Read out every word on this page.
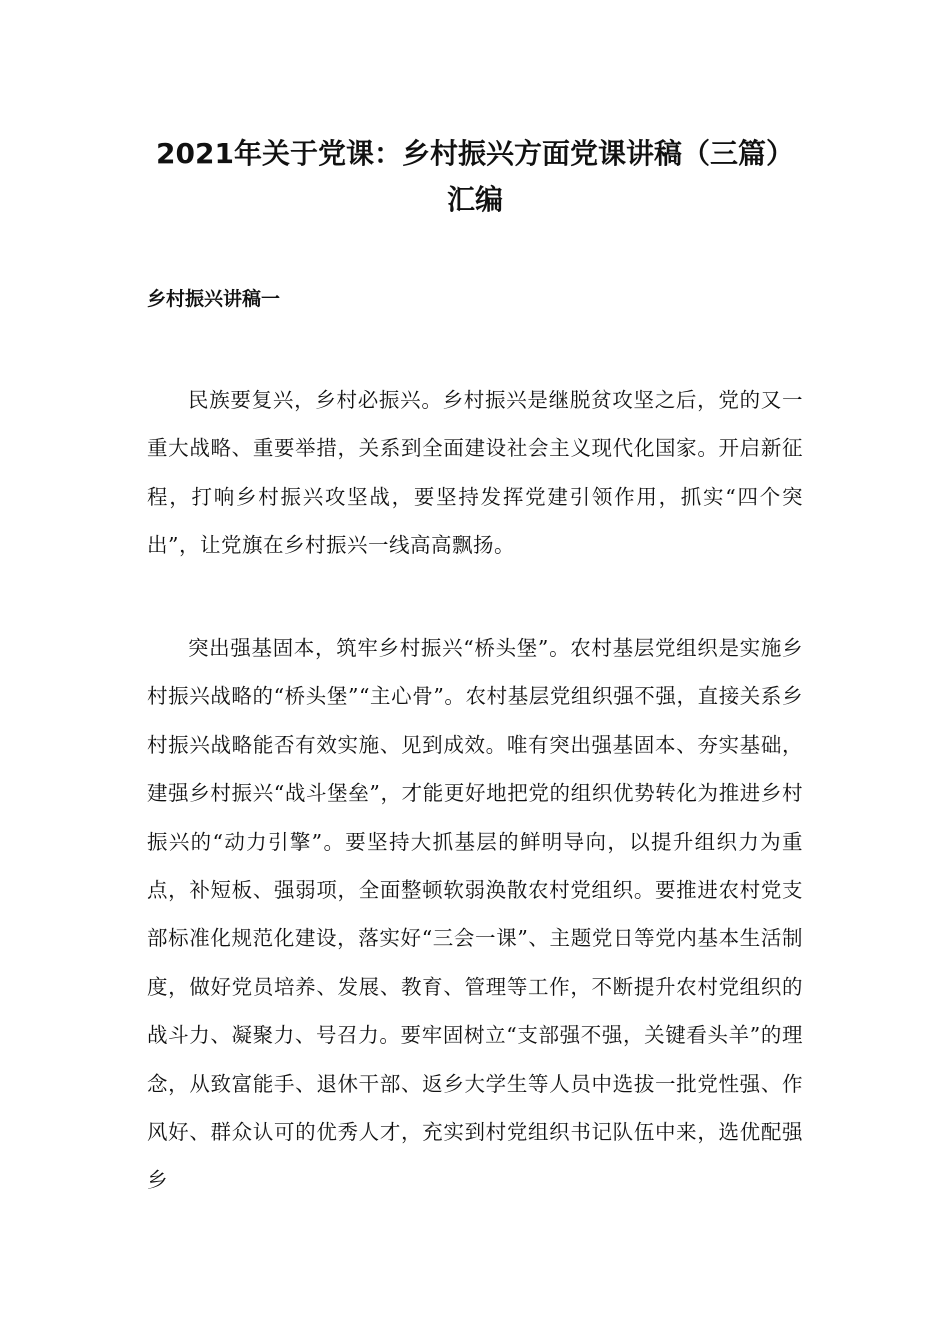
2021年关于党课：乡村振兴方面党课讲稿（三篇）
汇编
乡村振兴讲稿一

民族要复兴，乡村必振兴。乡村振兴是继脱贫攻坚之后，党的又一重大战略、重要举措，关系到全面建设社会主义现代化国家。开启新征程，打响乡村振兴攻坚战，要坚持发挥党建引领作用，抓实“四个突出”，让党旗在乡村振兴一线高高飘扬。

突出强基固本，筑牢乡村振兴“桥头堡”。农村基层党组织是实施乡村振兴战略的“桥头堡”“主心骨”。农村基层党组织强不强，直接关系乡村振兴战略能否有效实施、见到成效。唯有突出强基固本、夯实基础，建强乡村振兴“战斗堡垒”，才能更好地把党的组织优势转化为推进乡村振兴的“动力引擎”。要坚持大抓基层的鲜明导向，以提升组织力为重点，补短板、强弱项，全面整顿软弱涣散农村党组织。要推进农村党支部标准化规范化建设，落实好“三会一课”、主题党日等党内基本生活制度，做好党员培养、发展、教育、管理等工作，不断提升农村党组织的战斗力、凝聚力、号召力。要牢固树立“支部强不强，关键看头羊”的理念，从致富能手、退休干部、返乡大学生等人员中选拔一批党性强、作风好、群众认可的优秀人才，充实到村党组织书记队伍中来，选优配强乡
